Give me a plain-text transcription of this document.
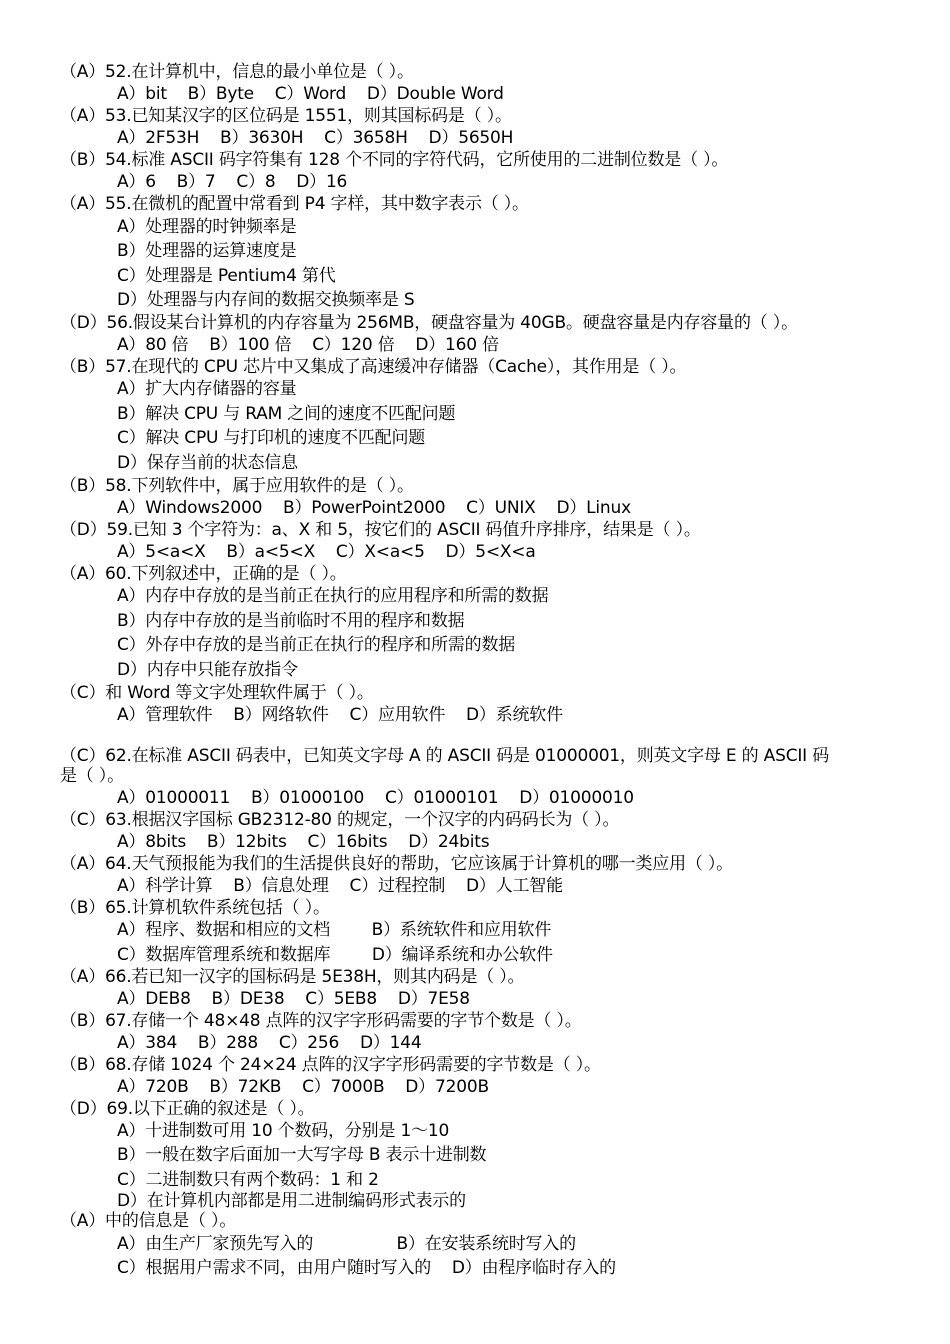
（A）52.在计算机中，信息的最小单位是（ ）。
A）bit    B）Byte    C）Word    D）Double Word
（A）53.已知某汉字的区位码是 1551，则其国标码是（ ）。
A）2F53H    B）3630H    C）3658H    D）5650H
（B）54.标准 ASCII 码字符集有 128 个不同的字符代码，它所使用的二进制位数是（ ）。
A）6    B）7    C）8    D）16
（A）55.在微机的配置中常看到 P4 字样，其中数字表示（ ）。
A）处理器的时钟频率是
B）处理器的运算速度是
C）处理器是 Pentium4 第代
D）处理器与内存间的数据交换频率是 S
（D）56.假设某台计算机的内存容量为 256MB，硬盘容量为 40GB。硬盘容量是内存容量的（ ）。
A）80 倍    B）100 倍    C）120 倍    D）160 倍
（B）57.在现代的 CPU 芯片中又集成了高速缓冲存储器（Cache），其作用是（ ）。
A）扩大内存储器的容量
B）解决 CPU 与 RAM 之间的速度不匹配问题
C）解决 CPU 与打印机的速度不匹配问题
D）保存当前的状态信息
（B）58.下列软件中，属于应用软件的是（ ）。
A）Windows2000    B）PowerPoint2000    C）UNIX    D）Linux
（D）59.已知 3 个字符为：a、X 和 5，按它们的 ASCII 码值升序排序，结果是（ ）。
A）5<a<X    B）a<5<X    C）X<a<5    D）5<X<a
（A）60.下列叙述中，正确的是（ ）。
A）内存中存放的是当前正在执行的应用程序和所需的数据
B）内存中存放的是当前临时不用的程序和数据
C）外存中存放的是当前正在执行的程序和所需的数据
D）内存中只能存放指令
（C）和 Word 等文字处理软件属于（ ）。
A）管理软件    B）网络软件    C）应用软件    D）系统软件
（C）62.在标准 ASCII 码表中，已知英文字母 A 的 ASCII 码是 01000001，则英文字母 E 的 ASCII 码
是（ ）。
A）01000011    B）01000100    C）01000101    D）01000010
（C）63.根据汉字国标 GB2312-80 的规定，一个汉字的内码码长为（ ）。
A）8bits    B）12bits    C）16bits    D）24bits
（A）64.天气预报能为我们的生活提供良好的帮助，它应该属于计算机的哪一类应用（ ）。
A）科学计算    B）信息处理    C）过程控制    D）人工智能
（B）65.计算机软件系统包括（ ）。
A）程序、数据和相应的文档        B）系统软件和应用软件
C）数据库管理系统和数据库        D）编译系统和办公软件
（A）66.若已知一汉字的国标码是 5E38H，则其内码是（ ）。
A）DEB8    B）DE38    C）5EB8    D）7E58
（B）67.存储一个 48×48 点阵的汉字字形码需要的字节个数是（ ）。
A）384    B）288    C）256    D）144
（B）68.存储 1024 个 24×24 点阵的汉字字形码需要的字节数是（ ）。
A）720B    B）72KB    C）7000B    D）7200B
（D）69.以下正确的叙述是（ ）。
A）十进制数可用 10 个数码，分别是 1～10
B）一般在数字后面加一大写字母 B 表示十进制数
C）二进制数只有两个数码：1 和 2
D）在计算机内部都是用二进制编码形式表示的
（A）中的信息是（ ）。
A）由生产厂家预先写入的                B）在安装系统时写入的
C）根据用户需求不同，由用户随时写入的    D）由程序临时存入的
